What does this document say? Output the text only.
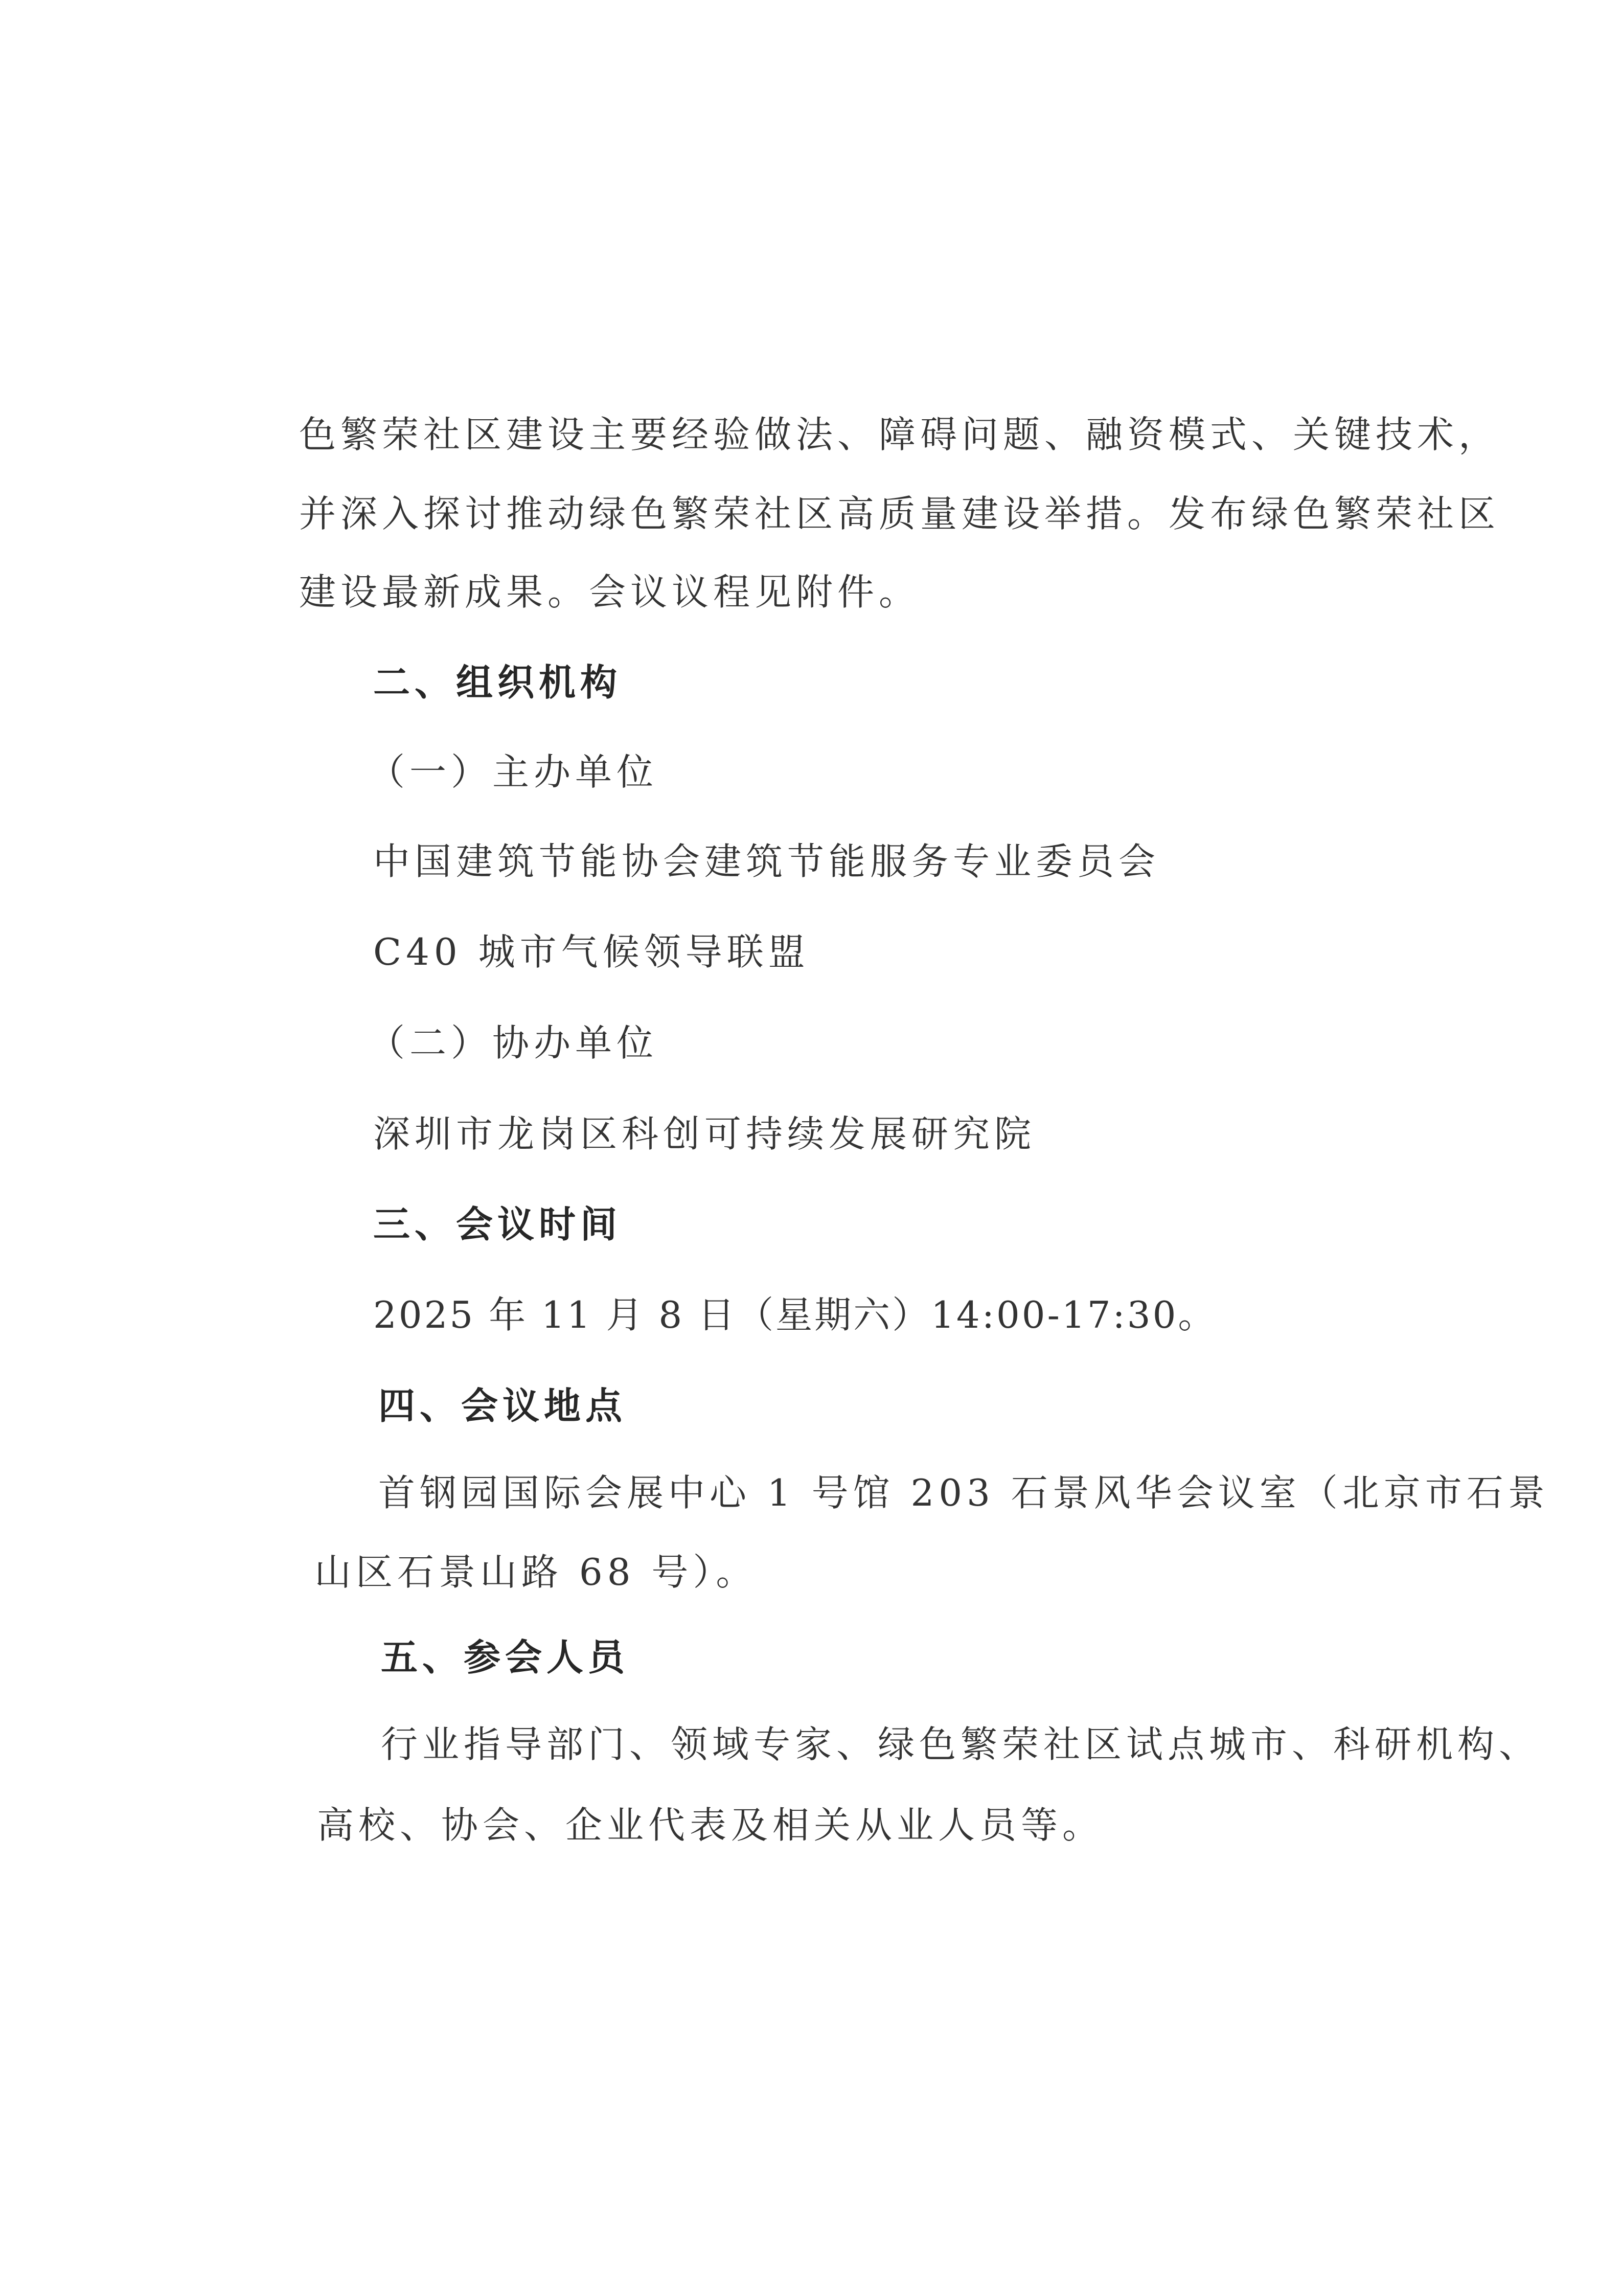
色繁荣社区建设主要经验做法、障碍问题、融资模式、关键技术，
并深入探讨推动绿色繁荣社区高质量建设举措。发布绿色繁荣社区
建设最新成果。会议议程见附件。
二、组织机构
（一）主办单位
中国建筑节能协会建筑节能服务专业委员会
C40 城市气候领导联盟
（二）协办单位
深圳市龙岗区科创可持续发展研究院
三、会议时间
2025 年 11 月 8 日（星期六）14:00-17:30。
四、会议地点
首钢园国际会展中心 1 号馆 203 石景风华会议室（北京市石景
山区石景山路 68 号）。
五、参会人员
行业指导部门、领域专家、绿色繁荣社区试点城市、科研机构、
高校、协会、企业代表及相关从业人员等。
